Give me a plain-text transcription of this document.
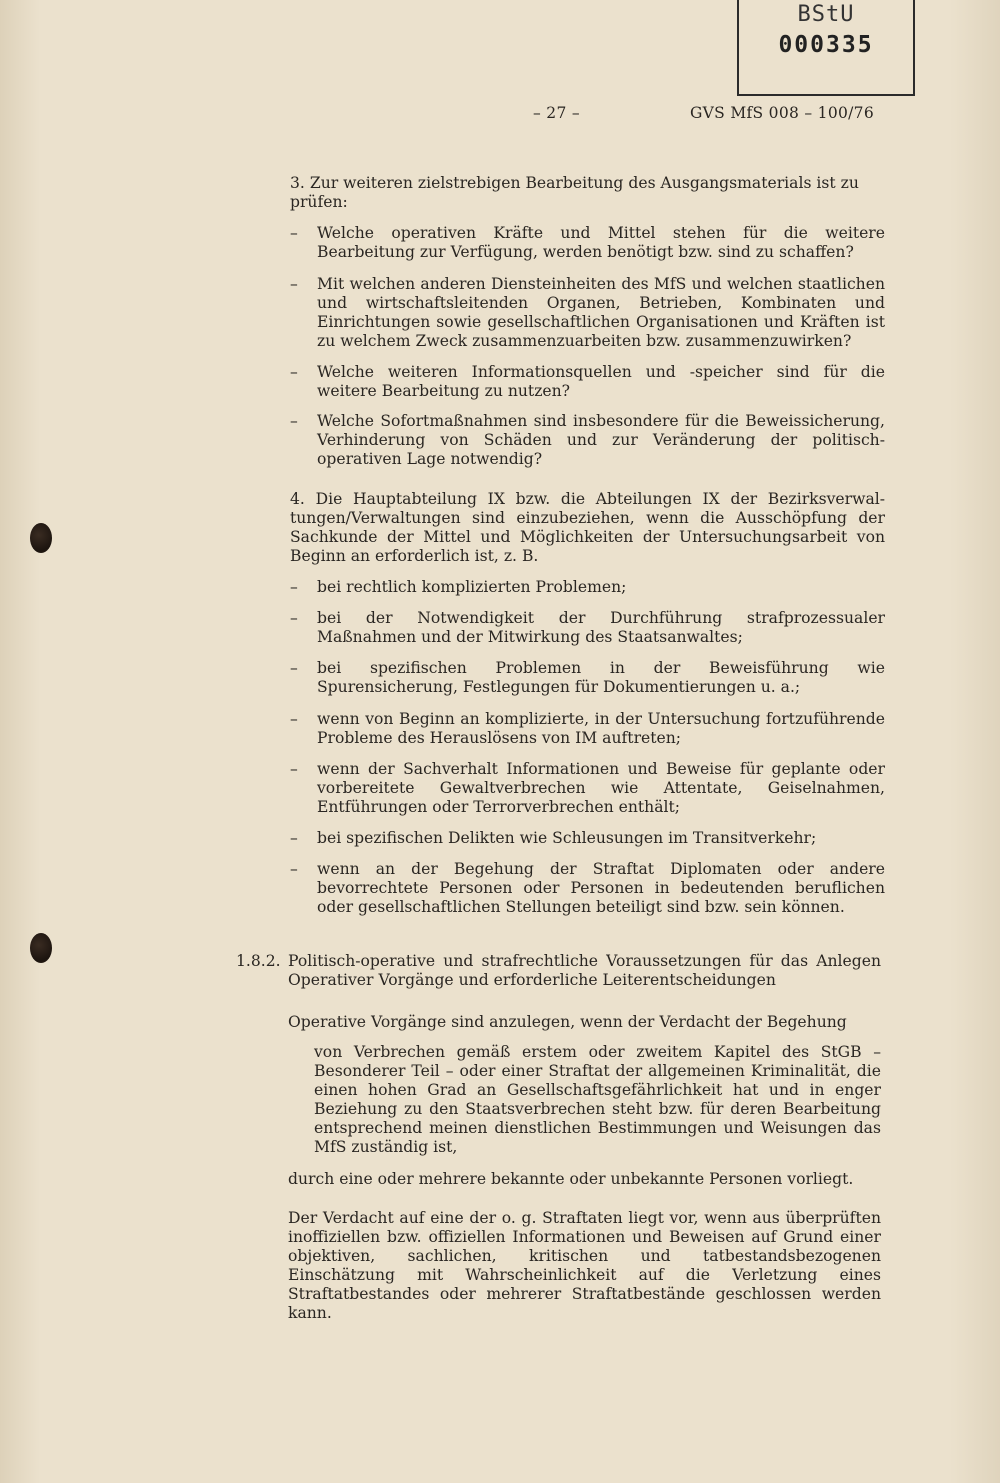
BStU
000335
– 27 –	GVS MfS 008 – 100/76
3. Zur weiteren zielstrebigen Bearbeitung des Ausgangsmaterials ist zu
prüfen:
– Welche operativen Kräfte und Mittel stehen für die weitere Bearbeitung zur Verfügung, werden benötigt bzw. sind zu schaffen?

– Mit welchen anderen Diensteinheiten des MfS und welchen staatlichen und wirtschaftsleitenden Organen, Betrieben, Kombinaten und Einrichtungen sowie gesellschaftlichen Organisationen und Kräften ist zu welchem Zweck zusammenzuarbeiten bzw. zusammenzuwirken?

– Welche weiteren Informationsquellen und -speicher sind für die weitere Bearbeitung zu nutzen?

– Welche Sofortmaßnahmen sind insbesondere für die Beweissicherung, Verhinderung von Schäden und zur Veränderung der politisch-operativen Lage notwendig?

4. Die Hauptabteilung IX bzw. die Abteilungen IX der Bezirksverwal- tungen/Verwaltungen sind einzubeziehen, wenn die Ausschöpfung der Sachkunde der Mittel und Möglichkeiten der Untersuchungsarbeit von Beginn an erforderlich ist, z. B.
– bei rechtlich komplizierten Problemen;

– bei der Notwendigkeit der Durchführung strafprozessualer Maßnahmen und der Mitwirkung des Staatsanwaltes;

– bei spezifischen Problemen in der Beweisführung wie Spurensicherung, Festlegungen für Dokumentierungen u. a.;

– wenn von Beginn an komplizierte, in der Untersuchung fortzuführende Probleme des Herauslösens von IM auftreten;

– wenn der Sachverhalt Informationen und Beweise für geplante oder vorbereitete Gewaltverbrechen wie Attentate, Geiselnahmen, Entführungen oder Terrorverbrechen enthält;

– bei spezifischen Delikten wie Schleusungen im Transitverkehr;

– wenn an der Begehung der Straftat Diplomaten oder andere bevorrechtete Personen oder Personen in bedeutenden beruflichen oder gesellschaftlichen Stellungen beteiligt sind bzw. sein können.

1.8.2. Politisch-operative und strafrechtliche Voraussetzungen für das Anlegen Operativer Vorgänge und erforderliche Leiterentscheidungen
Operative Vorgänge sind anzulegen, wenn der Verdacht der Begehung
von Verbrechen gemäß erstem oder zweitem Kapitel des StGB – Besonderer Teil – oder einer Straftat der allgemeinen Kriminalität, die einen hohen Grad an Gesellschaftsgefährlichkeit hat und in enger Beziehung zu den Staatsverbrechen steht bzw. für deren Bearbeitung entsprechend meinen dienstlichen Bestimmungen und Weisungen das MfS zuständig ist,
durch eine oder mehrere bekannte oder unbekannte Personen vorliegt.
Der Verdacht auf eine der o. g. Straftaten liegt vor, wenn aus überprüften inoffiziellen bzw. offiziellen Informationen und Beweisen auf Grund einer objektiven, sachlichen, kritischen und tatbestandsbezogenen Einschätzung mit Wahrscheinlichkeit auf die Verletzung eines Straftatbestandes oder mehrerer Straftatbestände geschlossen werden kann.
